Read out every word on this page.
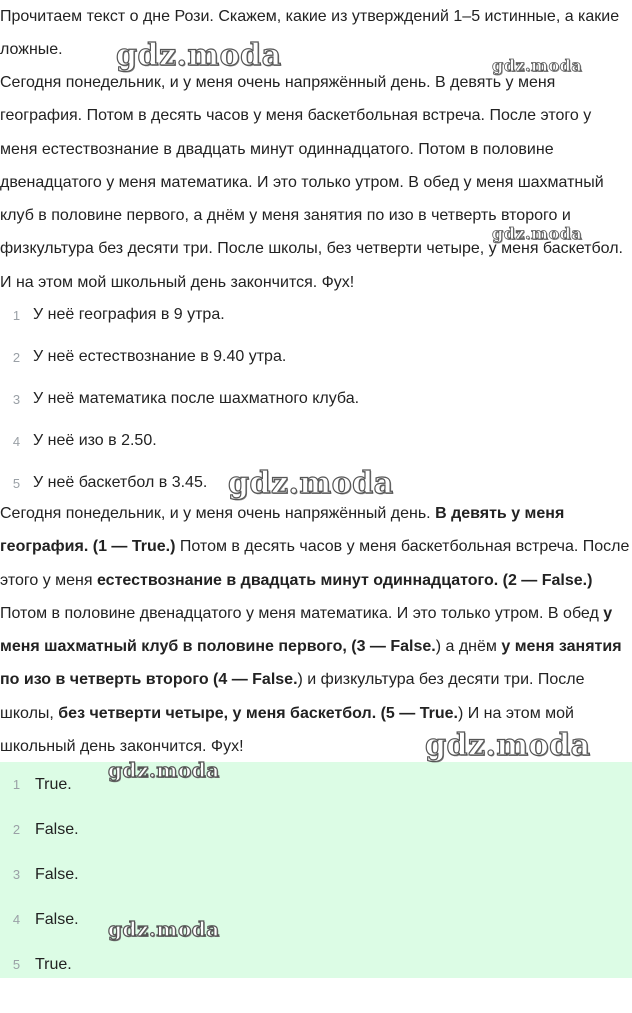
Прочитаем текст о дне Рози. Скажем, какие из утверждений 1–5 истинные, а какие ложные.

Сегодня понедельник, и у меня очень напряжённый день. В девять у меня география. Потом в десять часов у меня баскетбольная встреча. После этого у меня естествознание в двадцать минут одиннадцатого. Потом в половине двенадцатого у меня математика. И это только утром. В обед у меня шахматный клуб в половине первого, а днём у меня занятия по изо в четверть второго и физкультура без десяти три. После школы, без четверти четыре, у меня баскетбол. И на этом мой школьный день закончится. Фух!

1 У неё география в 9 утра.
2 У неё естествознание в 9.40 утра.
3 У неё математика после шахматного клуба.
4 У неё изо в 2.50.
5 У неё баскетбол в 3.45.

Сегодня понедельник, и у меня очень напряжённый день. В девять у меня география. (1 — True.) Потом в десять часов у меня баскетбольная встреча. После этого у меня естествознание в двадцать минут одиннадцатого. (2 — False.) Потом в половине двенадцатого у меня математика. И это только утром. В обед у меня шахматный клуб в половине первого, (3 — False.) а днём у меня занятия по изо в четверть второго (4 — False.) и физкультура без десяти три. После школы, без четверти четыре, у меня баскетбол. (5 — True.) И на этом мой школьный день закончится. Фух!

1 True.
2 False.
3 False.
4 False.
5 True.
gdz.moda	gdz.moda
gdz.moda
gdz.moda
gdz.moda
gdz.moda
gdz.moda
